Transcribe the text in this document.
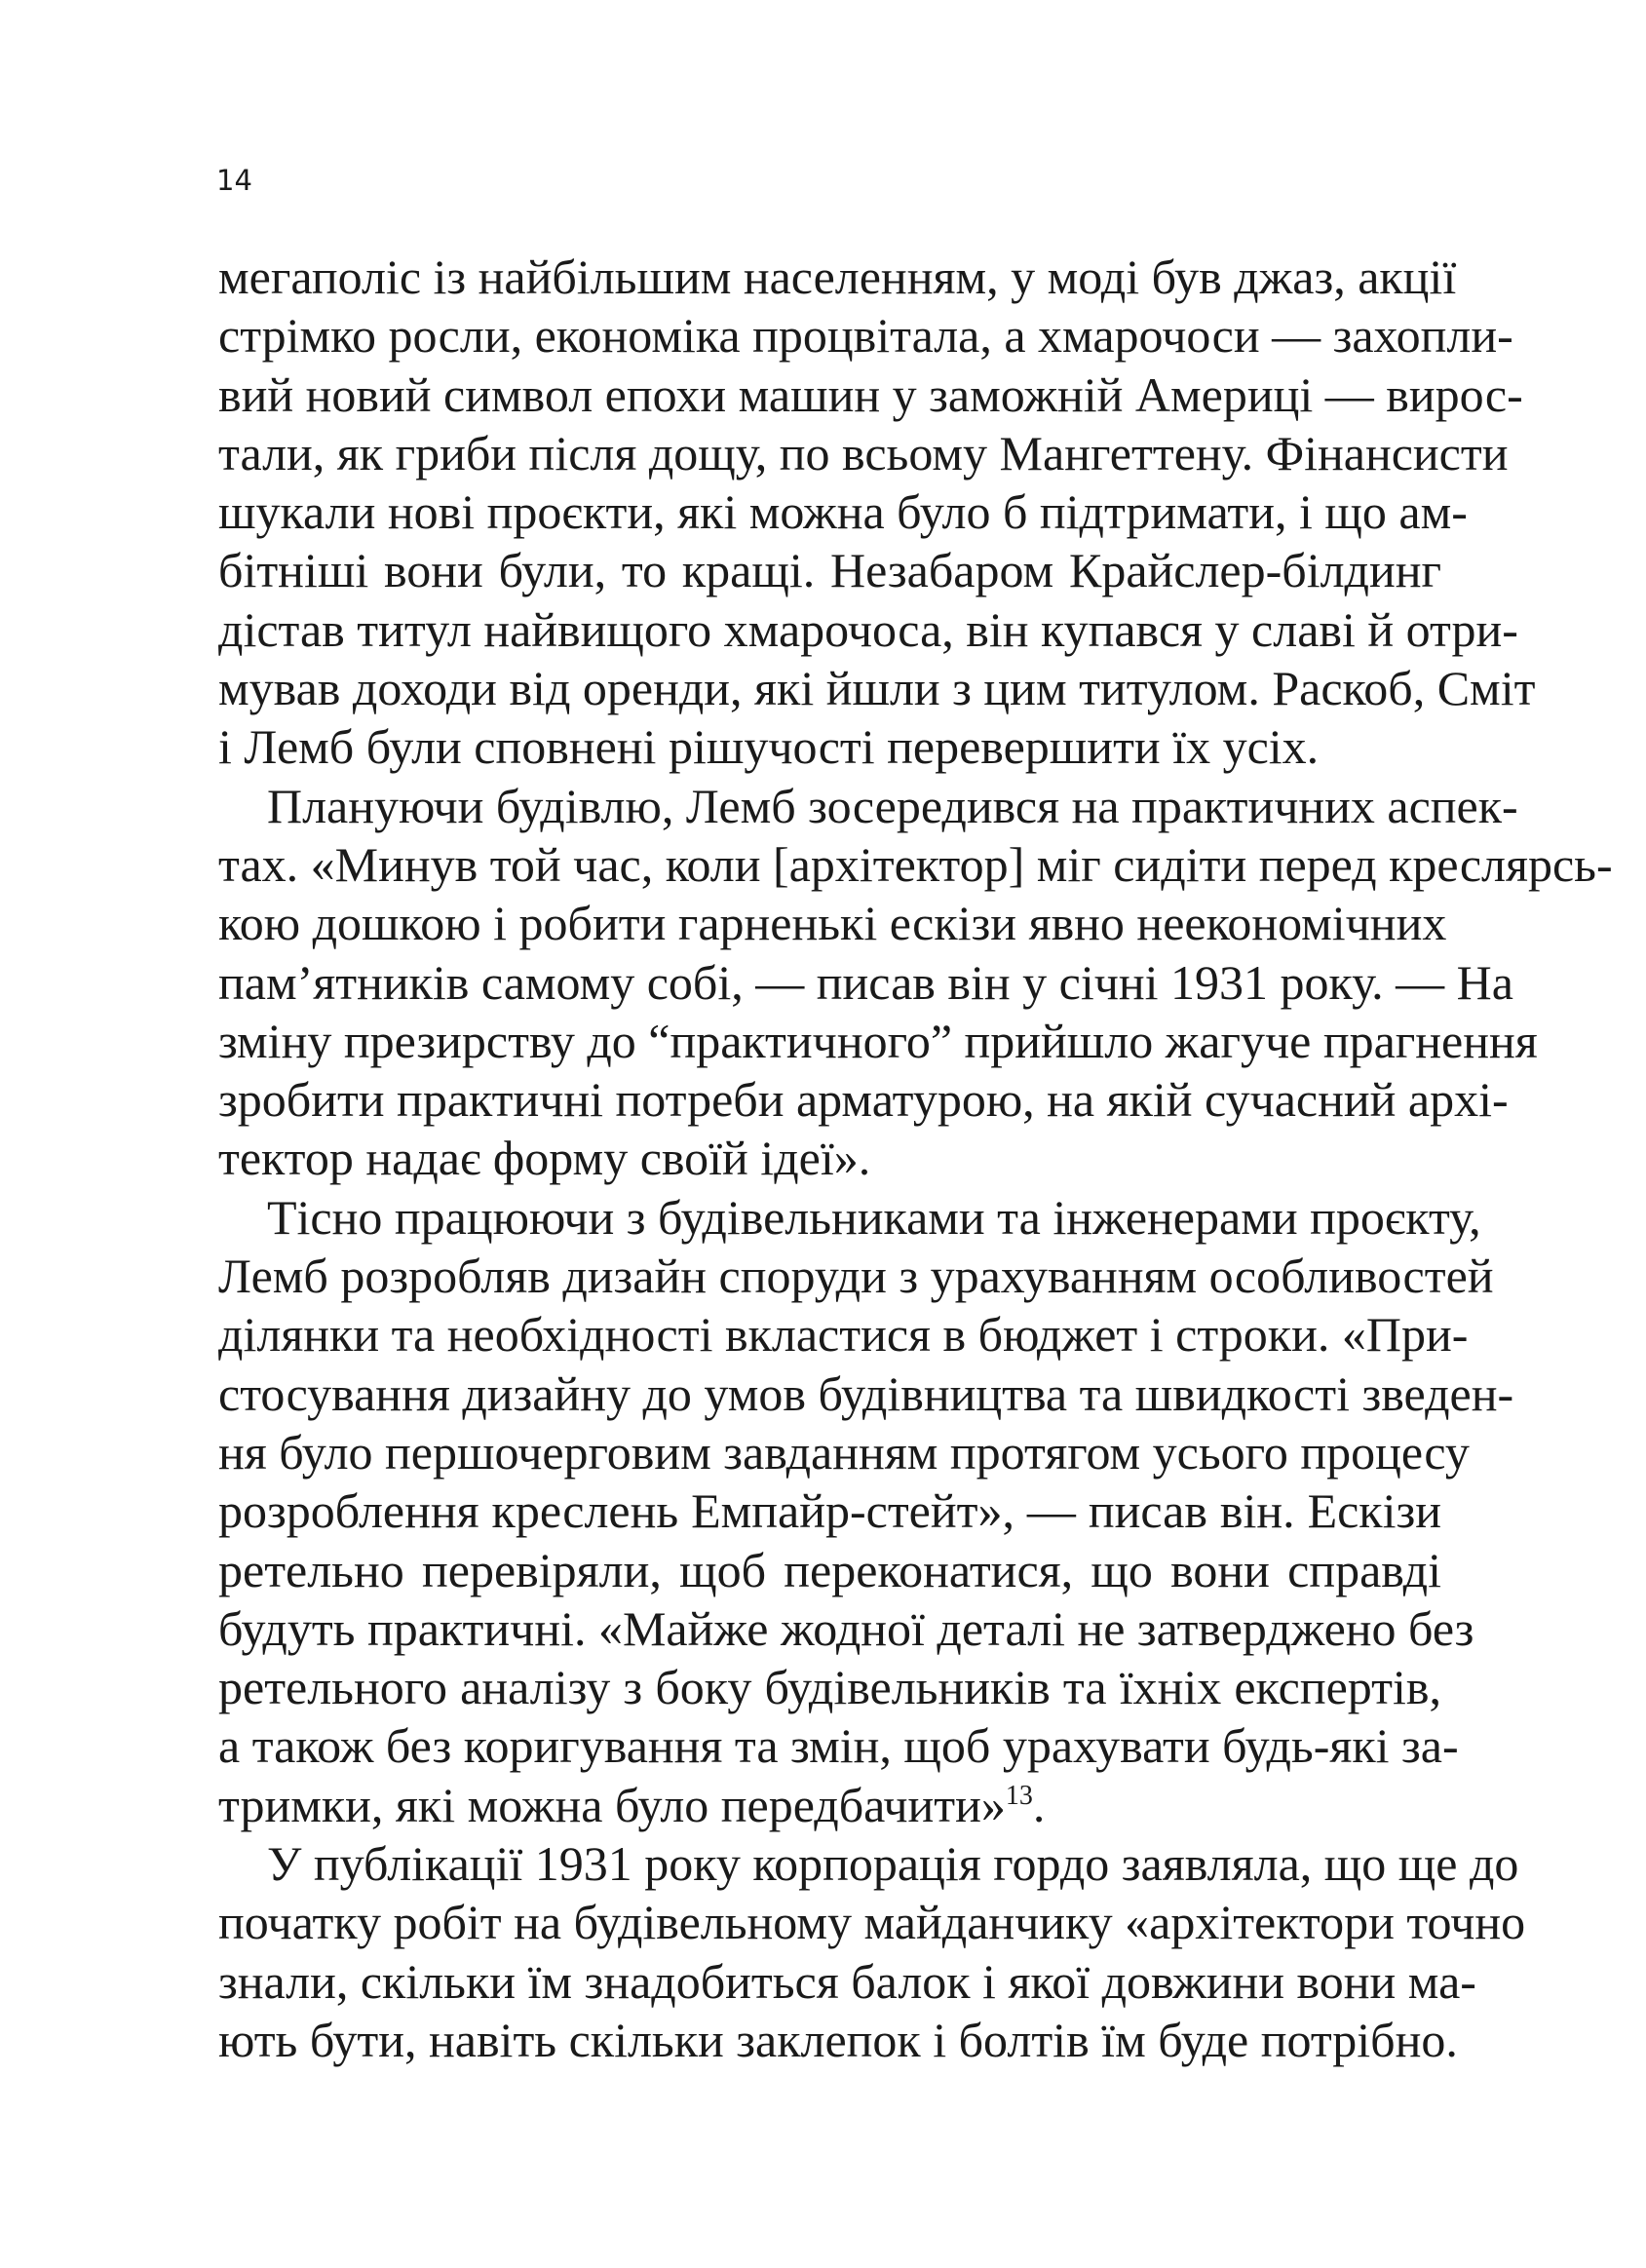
14

мегаполіс із найбільшим населенням, у моді був джаз, акції
стрімко росли, економіка процвітала, а хмарочоси — захопли-
вий новий символ епохи машин у заможній Америці — вирос-
тали, як гриби після дощу, по всьому Мангеттену. Фінансисти
шукали нові проєкти, які можна було б підтримати, і що ам-
бітніші вони були, то кращі. Незабаром Крайслер-білдинг
дістав титул найвищого хмарочоса, він купався у славі й отри-
мував доходи від оренди, які йшли з цим титулом. Раскоб, Сміт
і Лемб були сповнені рішучості перевершити їх усіх.
Плануючи будівлю, Лемб зосередився на практичних аспек-
тах. «Минув той час, коли [архітектор] міг сидіти перед креслярсь-
кою дошкою і робити гарненькі ескізи явно неекономічних
пам’ятників самому собі, — писав він у січні 1931 року. — На
зміну презирству до “практичного” прийшло жагуче прагнення
зробити практичні потреби арматурою, на якій сучасний архі-
тектор надає форму своїй ідеї».
Тісно працюючи з будівельниками та інженерами проєкту,
Лемб розробляв дизайн споруди з урахуванням особливостей
ділянки та необхідності вкластися в бюджет і строки. «При-
стосування дизайну до умов будівництва та швидкості зведен-
ня було першочерговим завданням протягом усього процесу
розроблення креслень Емпайр-стейт», — писав він. Ескізи
ретельно перевіряли, щоб переконатися, що вони справді
будуть практичні. «Майже жодної деталі не затверджено без
ретельного аналізу з боку будівельників та їхніх експертів,
а також без коригування та змін, щоб урахувати будь-які за-
тримки, які можна було передбачити»$^{13}$.
У публікації 1931 року корпорація гордо заявляла, що ще до
початку робіт на будівельному майданчику «архітектори точно
знали, скільки їм знадобиться балок і якої довжини вони ма-
ють бути, навіть скільки заклепок і болтів їм буде потрібно.
